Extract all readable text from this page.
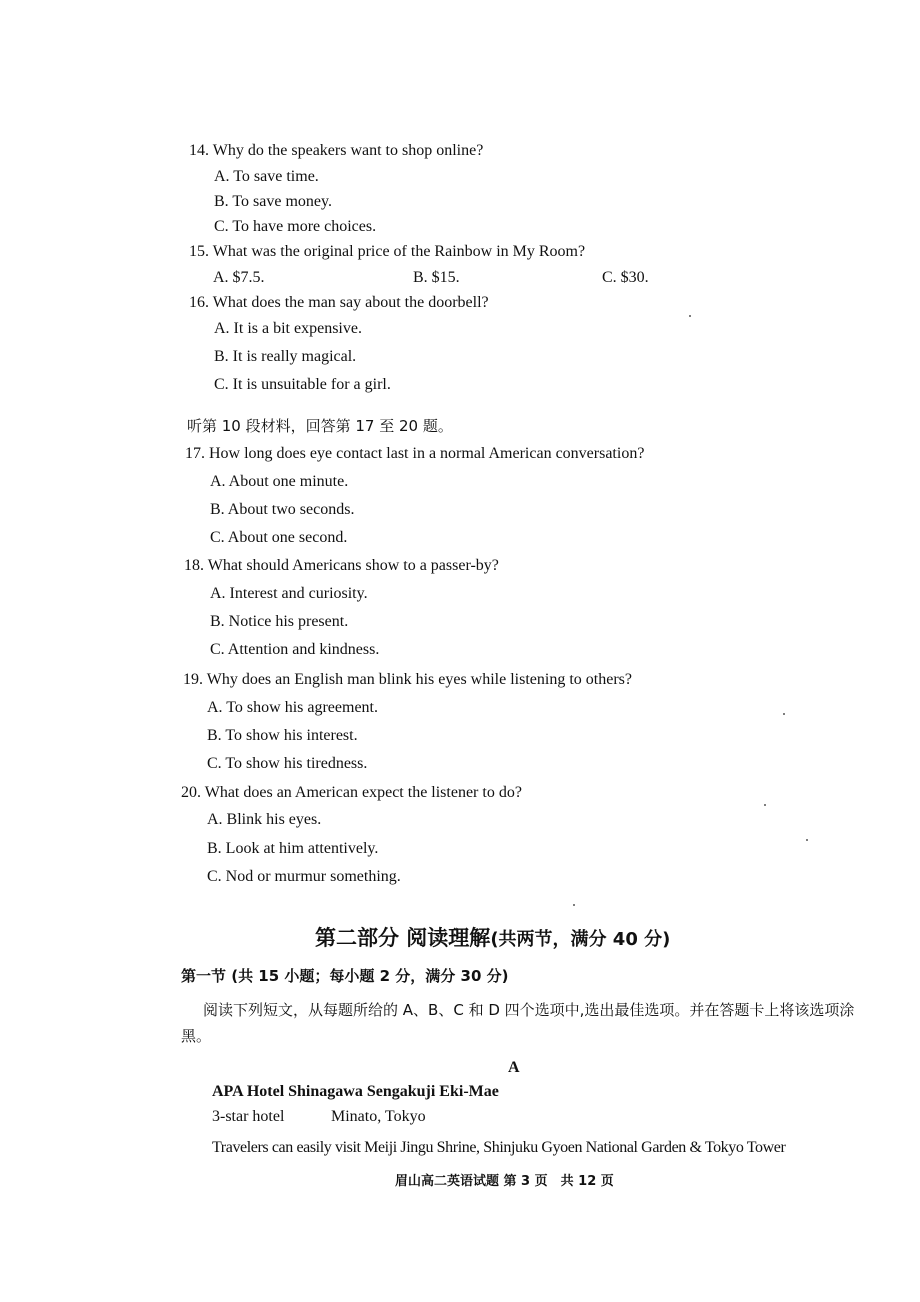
14. Why do the speakers want to shop online?
A. To save time.
B. To save money.
C. To have more choices.
15. What was the original price of the Rainbow in My Room?
A. $7.5.	B. $15.	C. $30.
16. What does the man say about the doorbell?
A. It is a bit expensive.
B. It is really magical.
C. It is unsuitable for a girl.
听第 10 段材料，回答第 17 至 20 题。
17. How long does eye contact last in a normal American conversation?
A. About one minute.
B. About two seconds.
C. About one second.
18. What should Americans show to a passer-by?
A. Interest and curiosity.
B. Notice his present.
C. Attention and kindness.
19. Why does an English man blink his eyes while listening to others?
A. To show his agreement.
B. To show his interest.
C. To show his tiredness.
20. What does an American expect the listener to do?
A. Blink his eyes.
B. Look at him attentively.
C. Nod or murmur something.
第二部分 阅读理解(共两节，满分 40 分)
第一节 (共 15 小题；每小题 2 分，满分 30 分)
阅读下列短文，从每题所给的 A、B、C 和 D 四个选项中,选出最佳选项。并在答题卡上将该选项涂黑。
A
APA Hotel Shinagawa Sengakuji Eki-Mae
3-star hotel	Minato, Tokyo
Travelers can easily visit Meiji Jingu Shrine, Shinjuku Gyoen National Garden & Tokyo Tower
眉山高二英语试题 第 3 页　共 12 页
